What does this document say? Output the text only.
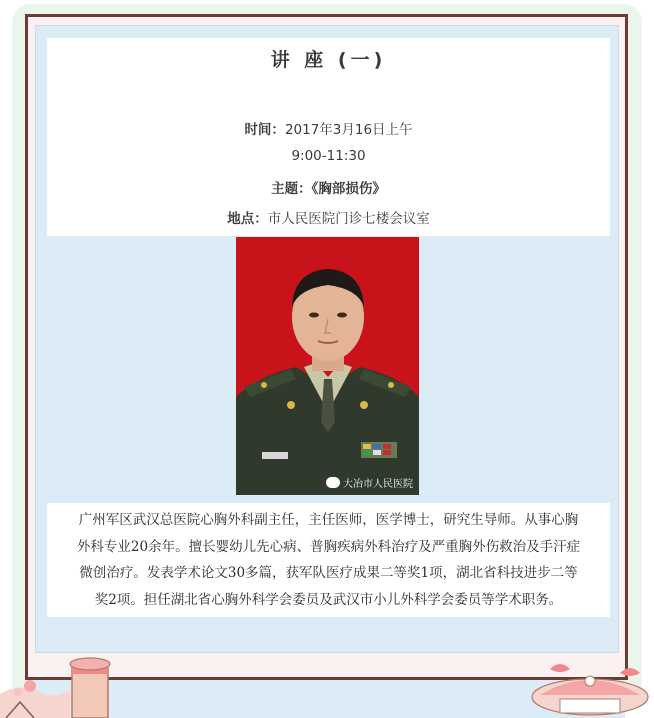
讲 座 (一)
时间：2017年3月16日上午
9:00-11:30
主题：《胸部损伤》
地点：市人民医院门诊七楼会议室
大冶市人民医院
广州军区武汉总医院心胸外科副主任，主任医师，医学博士，研究生导师。从事心胸
外科专业20余年。擅长婴幼儿先心病、普胸疾病外科治疗及严重胸外伤救治及手汗症
微创治疗。发表学术论文30多篇，获军队医疗成果二等奖1项，湖北省科技进步二等
奖2项。担任湖北省心胸外科学会委员及武汉市小儿外科学会委员等学术职务。
